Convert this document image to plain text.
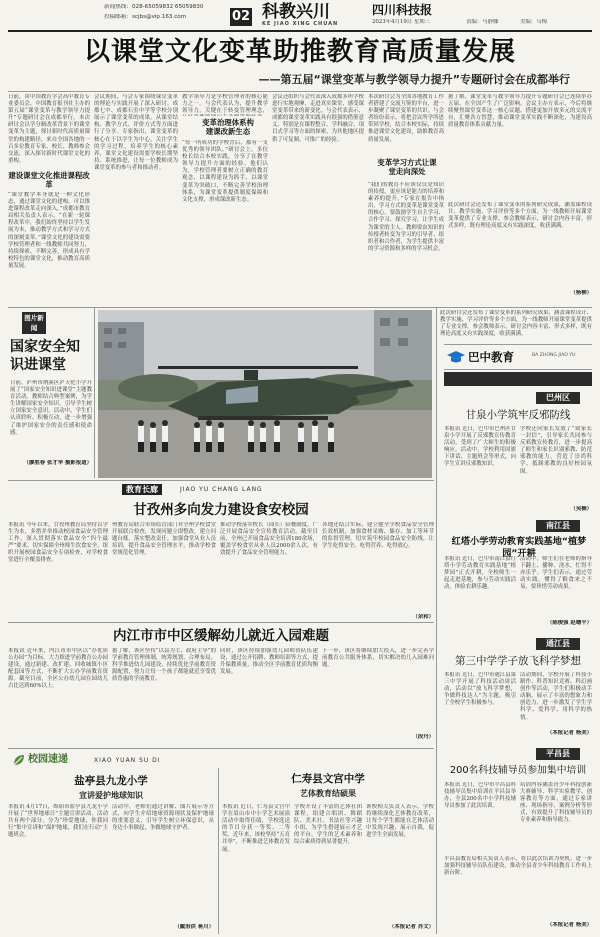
新闻热线：028-65059832 65059830
投稿邮箱：scjbs@vip.163.com	02 科教兴川
KE JIAO XING CHUAN
四川科技报
2023年4月19日 星期三	责编：马静娜	美编：乌梅
以课堂文化变革助推教育高质量发展
——第五届“课堂变革与教学领导力提升”专题研讨会在成都举行
日前，由中国教育学会高中教育专业委员会、中国教育报刊社主办的第五届“课堂变革与教学领导力提升”专题研讨会在成都举行。本次研讨会以学分制改革背景下的课堂变革为主题，探讨新时代高质量课堂的构建路径，来自全国各地的一百多位教育专家、校长、教师参会交流，深入探讨新时代课堂文化的重构。
建设课堂文化推进课程改革
“课堂教学本身就是一种文化形态，通过课堂文化的建构，可以推进课程改革走向深入。”成都市教育局相关负责人表示，“在新一轮课程改革中，我们始终坚持以学生发展为本，推动教学方式和学习方式的深刻变革。”课堂文化的建设需要学校管理者和一线教师共同努力，持续探索、不断完善，形成具有学校特色的课堂文化，推动教育高质量发展。
会议期间，与会专家围绕课堂变革的理论与实践开展了深入研讨。成都七中、成都石室中学等学校分别展示了课堂变革的成果，从课堂结构、教学方式、评价方式等方面进行了分享。专家指出，课堂变革的核心在于以学生为中心，关注学生的学习过程，培养学生的核心素养，课堂文化建设需要学校长期坚持、系统推进，让每一位教师成为课堂变革的参与者和推动者。
教学领导力是学校管理者的核心能力之一。与会代表认为，提升教学领导力，关键在于转变管理理念，
变革治理体系构建课改新生态
“每一所成功的学校背后，都有一支优秀的领导团队。”研讨会上，多位校长结合本校实践，分享了在教学领导力提升方面的经验。他们认为，学校管理者要树立正确的教育观念，以课程建设为抓手，以课堂变革为突破口，不断完善学校治理体系，为课堂变革提供制度保障和文化支撑，形成课改新生态。
会议还组织与会代表深入成都多所学校进行实地观摩，走进真实课堂，感受课堂变革带来的新变化。与会代表表示，成都的课堂变革实践具有很强的借鉴意义，特别是在课程整合、学科融合、项目式学习等方面的探索，为其他地区提供了可复制、可推广的经验。
本次研讨会为全国各地教育工作者搭建了交流互鉴的平台，进一步凝聚了课堂变革的共识。与会者纷纷表示，将把会议所学所思带回学校，结合本校实际，持续推进课堂文化建设，助推教育高质量发展。
变革学习方式让课堂走向深处
“我们的教育不应该仅仅是知识的传授，更应该是能力的培养和素养的提升。”专家在报告中指出，学习方式的变革是课堂变革的核心。要鼓励学生自主学习、合作学习、探究学习，让学生成为课堂的主人。教师要由知识的传授者转变为学习的引导者、组织者和合作者，为学生提供丰富的学习资源和多样的学习机会。
据了解，课堂变革与教学领导力提升专题研讨会已连续举办五届，在全国产生了广泛影响。会议主办方表示，今后将继续聚焦课堂变革这一核心议题，搭建更加开放多元的交流平台，汇聚各方智慧，推动课堂变革实践不断深化，为建设高质量教育体系贡献力量。
此次研讨会还发布了课堂变革的系列研究成果，涵盖课程设计、教学实施、学习评价等多个方面，为一线教师开展课堂变革提供了专业支撑。参会教师表示，研讨会内容丰富、形式多样，既有理论高度又有实践深度，收获满满。
（杨柳）
图片新闻
国家安全知识进课堂
日前，泸州市纳溪区泸天化小学开展了“国家安全知识进课堂”主题教育活动。教师结合典型案例，为学生讲解国家安全知识，引导学生树立国家安全意识。活动中，学生们认真聆听、积极互动，进一步增强了维护国家安全的责任感和使命感。
（廖胜春 张才华 摄影报道）
此次研讨会还发布了课堂变革的系列研究成果，涵盖课程设计、教学实施、学习评价等多个方面，为一线教师开展课堂变革提供了专业支撑。参会教师表示，研讨会内容丰富、形式多样，既有理论高度又有实践深度，收获满满。
巴中教育	BA ZHONG JIAO YU
巴州区
甘泉小学筑牢反邪防线
本报讯 近日，巴中市巴州区甘泉小学开展了反邪教宣传教育活动，受到了广大师生的积极响应。活动中，学校利用国旗下讲话、主题班会等形式，向学生宣讲反邪教知识。
学校还向家长发放了“致家长一封信”，引导家长共同参与反邪教宣传教育，进一步提高了师生和家长识别邪教、防范邪教的能力，营造了崇尚科学、抵制邪教的良好校园氛围。
（吴楠）
南江县
红塔小学劳动教育实践基地“植梦园”开耕
本报讯 近日，巴中市南江县红塔小学劳动教育实践基地“植梦园”正式开耕，全校师生一起走进基地，参与劳动实践活动，体验农耕乐趣。
活动中，师生们在老师的指导下翻土、播种、浇水，忙得不亦乐乎。学生们表示，通过劳动实践，懂得了粮食来之不易，要珍惜劳动成果。
（陈俊强 赵曙平）
通江县
第三中学学子放飞科学梦想
本报讯 近日，巴中市通江县第三中学开展了科技活动周活动，活动以“放飞科学梦想，争做科技达人”为主题，吸引了全校学生积极参与。
活动期间，学校开展了科技小制作、科普知识竞赛、科幻画创作等活动，学生们积极动手动脑，展示了丰富的想象力和创造力，进一步激发了学生学科学、爱科学、用科学的热情。
（本报记者 杨美）
平昌县
200名科技辅导员参加集中培训
本报讯 近日，巴中市平昌县科技辅导员集中培训在平昌县举办，全县200名中小学科技辅导员参加了此次培训。
培训内容涵盖青少年科技创新大赛辅导、科学实验教学、创客教育等方面，通过专家讲座、现场指导、案例分析等形式，有效提升了科技辅导员的专业素养和指导能力。
平昌县教育局相关负责人表示，将以此次培训为契机，进一步加强科技辅导员队伍建设，推动全县青少年科技教育工作再上新台阶。
（本报记者 杨美）
教育长廊	JIAO YU CHANG LANG
甘孜州多向发力建设食安校园
本报讯 今年以来，甘孜州教育局坚持以学生为本，多措并举推动校园食品安全管理工作，深入贯彻落实食品安全“四个最严”要求，切实保障全州师生饮食安全。组织开展校园食品安全专项检查，对学校食堂进行全覆盖排查。
州教育局联合市场监管部门对全州学校食堂开展联合检查，发现问题立即整改，建立问题台账，落实整改责任。加强食堂从业人员培训，提升食品安全管理水平，推动学校食堂规范化管理。
推动学校落实校长（园长）陪餐制度，广泛开展食品安全宣传教育活动。截至目前，全州已开展食品安全培训180余场，覆盖学校食堂从业人员2000余人次，有效提升了食品安全管理能力。
各地还结合实际，建立健全学校食品安全管理长效机制，加强食材采购、储存、加工等环节的监督管理，切实筑牢校园食品安全防线，让学生吃得安全、吃得营养、吃得放心。
（余和）
内江市市中区缓解幼儿就近入园难题
本报讯 近年来，内江市市中区以“办优质公办园”为目标，大力推进学前教育公办园建设，通过新建、改扩建、回收城镇小区配套园等方式，不断扩大公办学前教育资源。截至目前，全区公办幼儿园在园幼儿占比达到60%以上。
据了解，该区坚持“以县为主、政府主导”的学前教育管理体制，统筹规划，合理布局，科学推进幼儿园建设，持续优化学前教育资源配置，努力让每一个孩子都能就近享受优质普惠的学前教育。
同时，该区持续加强幼儿园师资队伍建设，通过公开招聘、教师培训等方式，提升保教质量，推动全区学前教育优质均衡发展。
下一步，该区将继续加大投入，进一步完善学前教育公共服务体系，切实解决幼儿入园难问题。
（段丹）
校园速递	XIAO YUAN SU DI
盐亭县九龙小学
宣讲爱护地球知识
本报讯 4月17日，绵阳市盐亭县九龙小学开展了“世界地球日”主题宣讲活动。活动共有两个部分，分为“珍爱地球，你我同行”集中宣讲和“保护地球，我们在行动”主题班会。
活动中，老师们通过讲解、图片展示等方式，向学生介绍地球资源现状及保护地球的重要意义，引导学生树立环保意识，从身边小事做起，争做地球守护者。
（戴治洪 蒋川）
仁寿县文宫中学
艺体教育结硕果
本报讯 近日，仁寿县文宫中学在眉山市中小学艺术展演活动中取得佳绩，学校选送的节目分获一等奖、二等奖。近年来，该校坚持“五育并举”，不断推进艺体教育发展。
学校开设了丰富的艺体社团课程，组建合唱团、舞蹈队、美术社、书法社等兴趣小组，为学生搭建展示才艺的平台，学生的艺术素养和综合素质得到显著提升。
该校相关负责人表示，学校将继续深化艺体教育改革，让每个学生都能在艺体活动中发现兴趣、展示自我，促进学生全面发展。
（本报记者 苏文）
